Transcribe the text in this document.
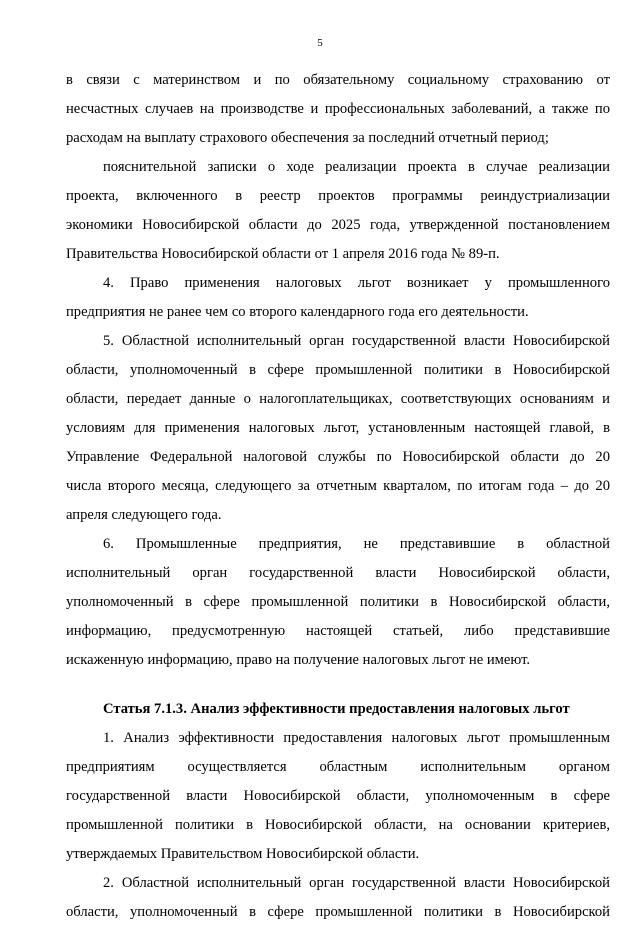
5
в связи с материнством и по обязательному социальному страхованию от
несчастных случаев на производстве и профессиональных заболеваний, а также по
расходам на выплату страхового обеспечения за последний отчетный период;
пояснительной записки о ходе реализации проекта в случае реализации
проекта, включенного в реестр проектов программы реиндустриализации
экономики Новосибирской области до 2025 года, утвержденной постановлением
Правительства Новосибирской области от 1 апреля 2016 года № 89-п.
4. Право применения налоговых льгот возникает у промышленного
предприятия не ранее чем со второго календарного года его деятельности.
5. Областной исполнительный орган государственной власти Новосибирской
области, уполномоченный в сфере промышленной политики в Новосибирской
области, передает данные о налогоплательщиках, соответствующих основаниям и
условиям для применения налоговых льгот, установленным настоящей главой, в
Управление Федеральной налоговой службы по Новосибирской области до 20
числа второго месяца, следующего за отчетным кварталом, по итогам года – до 20
апреля следующего года.
6. Промышленные предприятия, не представившие в областной
исполнительный орган государственной власти Новосибирской области,
уполномоченный в сфере промышленной политики в Новосибирской области,
информацию, предусмотренную настоящей статьей, либо представившие
искаженную информацию, право на получение налоговых льгот не имеют.
Статья 7.1.3. Анализ эффективности предоставления налоговых льгот
1. Анализ эффективности предоставления налоговых льгот промышленным
предприятиям осуществляется областным исполнительным органом
государственной власти Новосибирской области, уполномоченным в сфере
промышленной политики в Новосибирской области, на основании критериев,
утверждаемых Правительством Новосибирской области.
2. Областной исполнительный орган государственной власти Новосибирской
области, уполномоченный в сфере промышленной политики в Новосибирской
